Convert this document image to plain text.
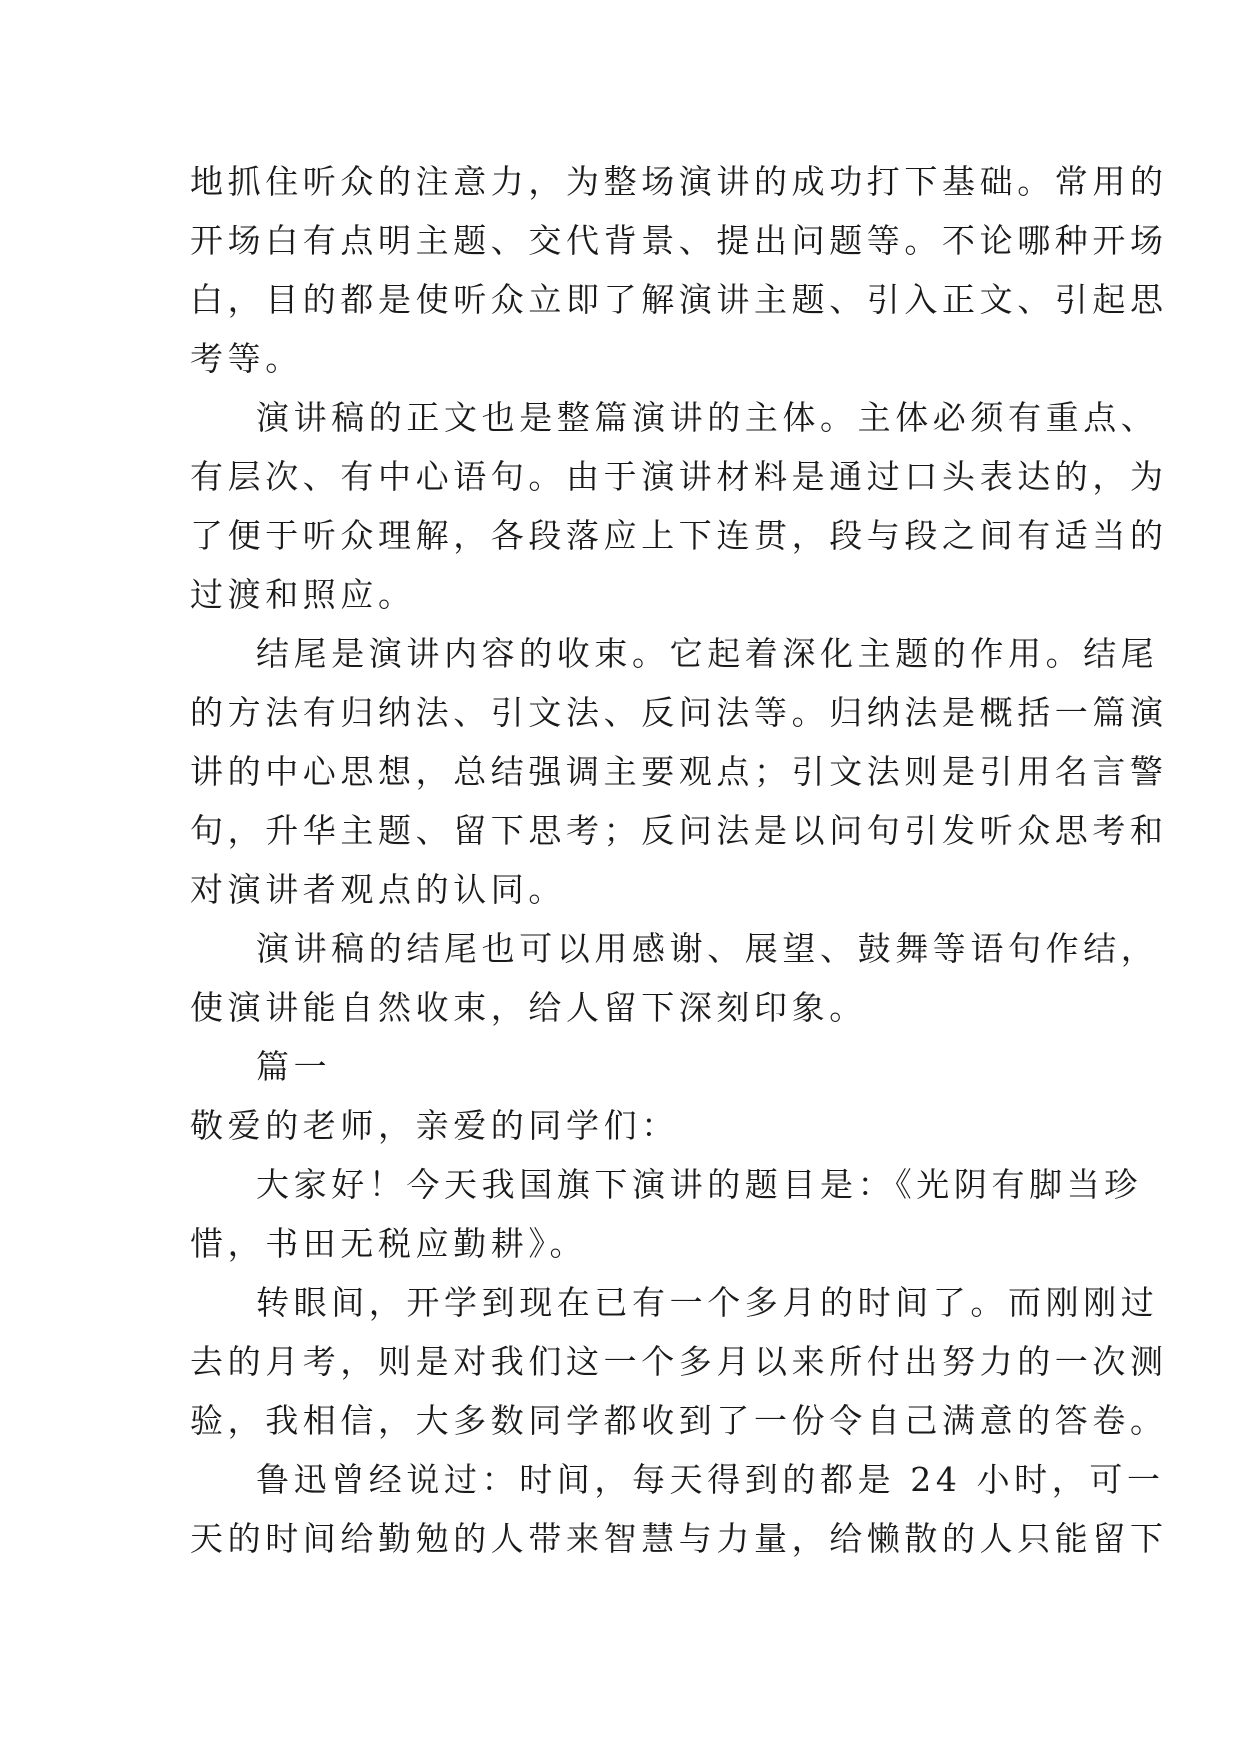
地抓住听众的注意力，为整场演讲的成功打下基础。常用的
开场白有点明主题、交代背景、提出问题等。不论哪种开场
白，目的都是使听众立即了解演讲主题、引入正文、引起思
考等。
演讲稿的正文也是整篇演讲的主体。主体必须有重点、
有层次、有中心语句。由于演讲材料是通过口头表达的，为
了便于听众理解，各段落应上下连贯，段与段之间有适当的
过渡和照应。
结尾是演讲内容的收束。它起着深化主题的作用。结尾
的方法有归纳法、引文法、反问法等。归纳法是概括一篇演
讲的中心思想，总结强调主要观点；引文法则是引用名言警
句，升华主题、留下思考；反问法是以问句引发听众思考和
对演讲者观点的认同。
演讲稿的结尾也可以用感谢、展望、鼓舞等语句作结，
使演讲能自然收束，给人留下深刻印象。
篇一
敬爱的老师，亲爱的同学们：
大家好！今天我国旗下演讲的题目是：《光阴有脚当珍
惜，书田无税应勤耕》。
转眼间，开学到现在已有一个多月的时间了。而刚刚过
去的月考，则是对我们这一个多月以来所付出努力的一次测
验，我相信，大多数同学都收到了一份令自己满意的答卷。
鲁迅曾经说过：时间，每天得到的都是 24 小时，可一
天的时间给勤勉的人带来智慧与力量，给懒散的人只能留下
